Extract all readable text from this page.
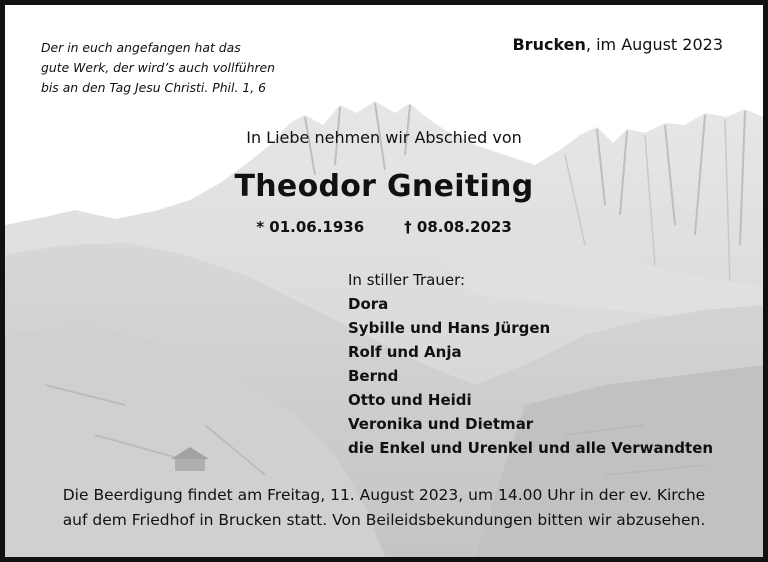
Der in euch angefangen hat das
gute Werk, der wird’s auch vollführen
bis an den Tag Jesu Christi. Phil. 1, 6

Brucken, im August 2023

In Liebe nehmen wir Abschied von

Theodor Gneiting

* 01.06.1936	† 08.08.2023

In stiller Trauer:
Dora
Sybille und Hans Jürgen
Rolf und Anja
Bernd
Otto und Heidi
Veronika und Dietmar
die Enkel und Urenkel und alle Verwandten

Die Beerdigung findet am Freitag, 11. August 2023, um 14.00 Uhr in der ev. Kirche
auf dem Friedhof in Brucken statt. Von Beileidsbekundungen bitten wir abzusehen.
